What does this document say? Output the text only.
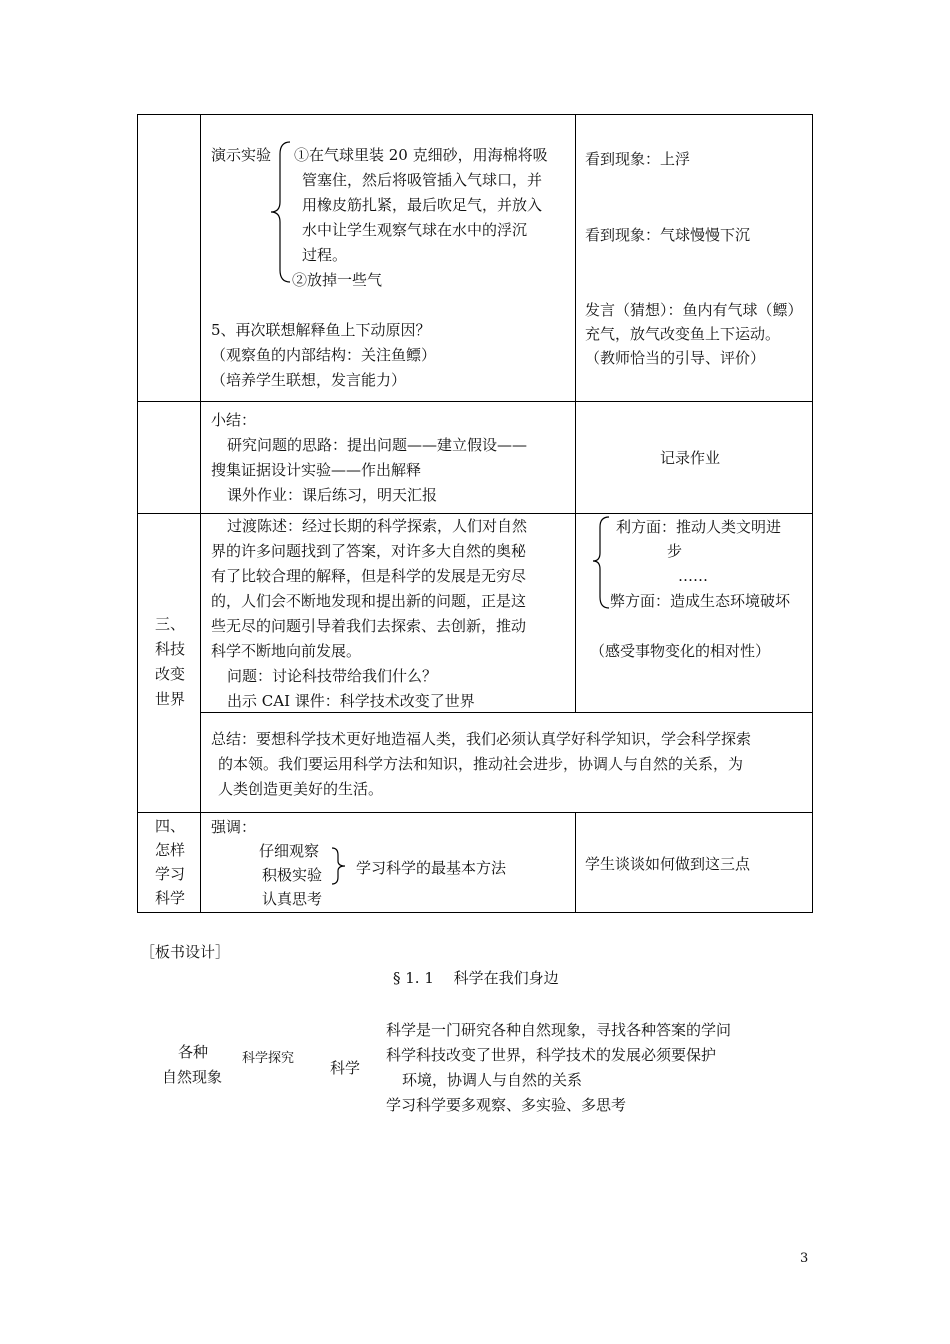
演示实验 ①在气球里装 20 克细砂，用海棉将吸
管塞住，然后将吸管插入气球口，并
用橡皮筋扎紧，最后吹足气，并放入
水中让学生观察气球在水中的浮沉
过程。
②放掉一些气
5、再次联想解释鱼上下动原因？
（观察鱼的内部结构：关注鱼鳔）
（培养学生联想，发言能力）
看到现象：上浮
看到现象：气球慢慢下沉
发言（猜想）：鱼内有气球（鳔）
充气，放气改变鱼上下运动。
（教师恰当的引导、评价）
小结：
研究问题的思路：提出问题——建立假设——
搜集证据设计实验——作出解释
课外作业：课后练习，明天汇报
记录作业
三、
科技
改变
世界
过渡陈述：经过长期的科学探索，人们对自然
界的许多问题找到了答案，对许多大自然的奥秘
有了比较合理的解释，但是科学的发展是无穷尽
的，人们会不断地发现和提出新的问题，正是这
些无尽的问题引导着我们去探索、去创新，推动
科学不断地向前发展。
问题：讨论科技带给我们什么？
出示 CAI 课件：科学技术改变了世界
利方面：推动人类文明进
步
……
弊方面：造成生态环境破坏
（感受事物变化的相对性）
总结：要想科学技术更好地造福人类，我们必须认真学好科学知识，学会科学探索
的本领。我们要运用科学方法和知识，推动社会进步，协调人与自然的关系，为
人类创造更美好的生活。
四、
怎样
学习
科学
强调：
仔细观察
积极实验
认真思考
学习科学的最基本方法	学生谈谈如何做到这三点
［板书设计］
§ 1. 1　 科学在我们身边
各种
自然现象
科学探究
科学
科学是一门研究各种自然现象，寻找各种答案的学问
科学科技改变了世界，科学技术的发展必须要保护
环境，协调人与自然的关系
学习科学要多观察、多实验、多思考
3
